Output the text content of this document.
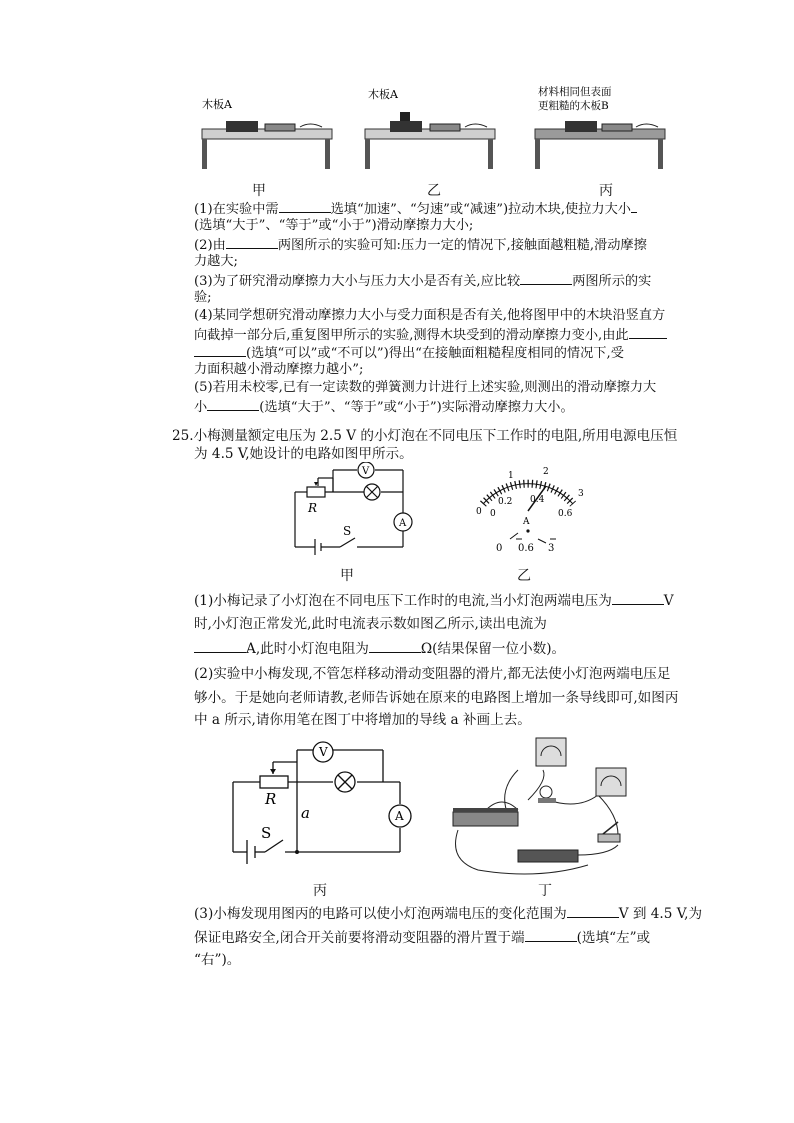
木板A
木板A	材料相同但表面
更粗糙的木板B
甲	乙	丙
(1)在实验中需	选填“加速”、“匀速”或“减速”)拉动木块,使拉力大小
(选填“大于”、“等于”或“小于”)滑动摩擦力大小;
(2)由	两图所示的实验可知:压力一定的情况下,接触面越粗糙,滑动摩擦
力越大;
(3)为了研究滑动摩擦力大小与压力大小是否有关,应比较	两图所示的实
验;
(4)某同学想研究滑动摩擦力大小与受力面积是否有关,他将图甲中的木块沿竖直方
向截掉一部分后,重复图甲所示的实验,测得木块受到的滑动摩擦力变小,由此
(选填“可以”或“不可以”)得出“在接触面粗糙程度相同的情况下,受
力面积越小滑动摩擦力越小”;
(5)若用未校零,已有一定读数的弹簧测力计进行上述实验,则测出的滑动摩擦力大
小	(选填“大于”、“等于”或“小于”)实际滑动摩擦力大小。
25.小梅测量额定电压为 2.5 V 的小灯泡在不同电压下工作时的电阻,所用电源电压恒
为 4.5 V,她设计的电路如图甲所示。
V
A
R
S
0
1	2
3
0
0.2 0.4
0.6
A
0 0.6 3
甲	乙
(1)小梅记录了小灯泡在不同电压下工作时的电流,当小灯泡两端电压为	V
时,小灯泡正常发光,此时电流表示数如图乙所示,读出电流为
A,此时小灯泡电阻为	Ω(结果保留一位小数)。
(2)实验中小梅发现,不管怎样移动滑动变阻器的滑片,都无法使小灯泡两端电压足
够小。于是她向老师请教,老师告诉她在原来的电路图上增加一条导线即可,如图丙
中 a 所示,请你用笔在图丁中将增加的导线 a 补画上去。
V
A
R
a
S
丙	丁
(3)小梅发现用图丙的电路可以使小灯泡两端电压的变化范围为	V 到 4.5 V,为
保证电路安全,闭合开关前要将滑动变阻器的滑片置于端	(选填“左”或
“右”)。
